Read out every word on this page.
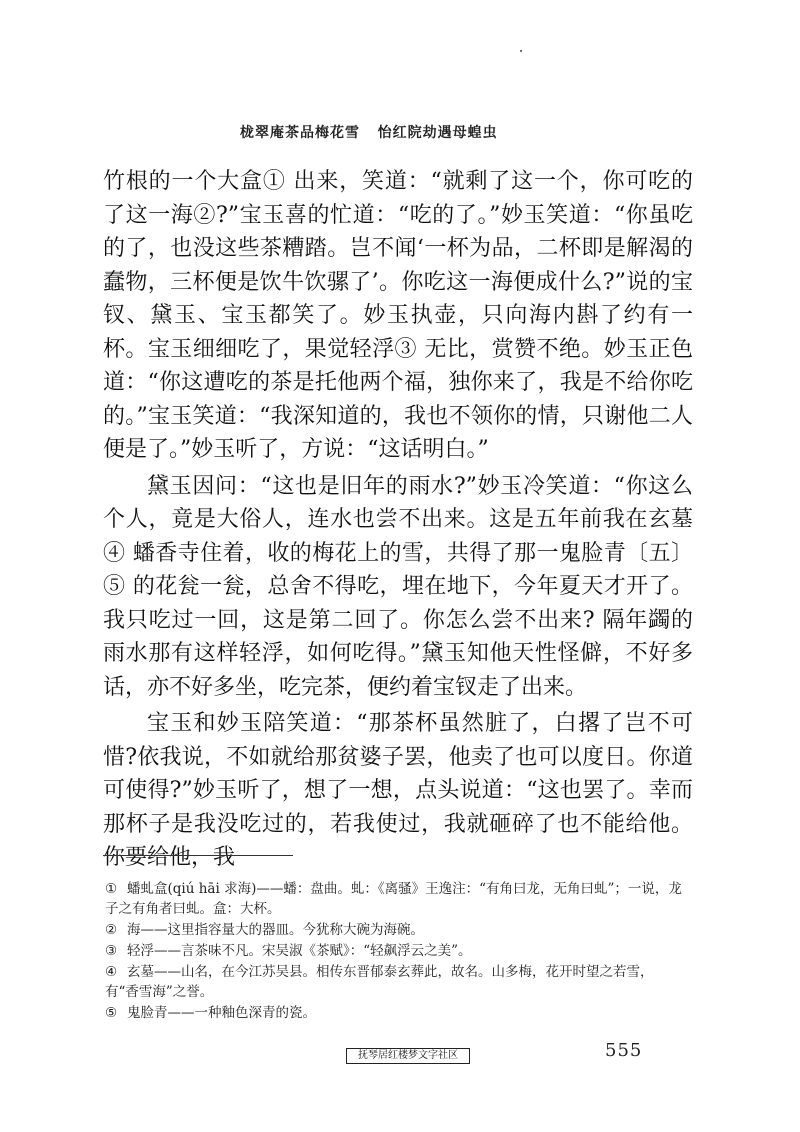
栊翠庵茶品梅花雪   怡红院劫遇母蝗虫

竹根的一个大盒① 出来，笑道：“就剩了这一个，你可吃的了这一海②?”宝玉喜的忙道：“吃的了。”妙玉笑道：“你虽吃的了，也没这些茶糟踏。岂不闻‘一杯为品，二杯即是解渴的蠢物，三杯便是饮牛饮骡了’。你吃这一海便成什么?”说的宝钗、黛玉、宝玉都笑了。妙玉执壶，只向海内斟了约有一杯。宝玉细细吃了，果觉轻浮③ 无比，赏赞不绝。妙玉正色道：“你这遭吃的茶是托他两个福，独你来了，我是不给你吃的。”宝玉笑道：“我深知道的，我也不领你的情，只谢他二人便是了。”妙玉听了，方说：“这话明白。”

黛玉因问：“这也是旧年的雨水?”妙玉冷笑道：“你这么个人，竟是大俗人，连水也尝不出来。这是五年前我在玄墓④ 蟠香寺住着，收的梅花上的雪，共得了那一鬼脸青〔五〕⑤ 的花瓮一瓮，总舍不得吃，埋在地下，今年夏天才开了。我只吃过一回，这是第二回了。你怎么尝不出来? 隔年蠲的雨水那有这样轻浮，如何吃得。”黛玉知他天性怪僻，不好多话，亦不好多坐，吃完茶，便约着宝钗走了出来。

宝玉和妙玉陪笑道：“那茶杯虽然脏了，白撂了岂不可惜?依我说，不如就给那贫婆子罢，他卖了也可以度日。你道可使得?”妙玉听了，想了一想，点头说道：“这也罢了。幸而那杯子是我没吃过的，若我使过，我就砸碎了也不能给他。你要给他，我

① 蟠虬盒(qiú hāi 求海)——蟠：盘曲。虬：《离骚》王逸注：“有角曰龙，无角曰虬”；一说，龙子之有角者曰虬。盒：大杯。
② 海——这里指容量大的器皿。今犹称大碗为海碗。
③ 轻浮——言茶味不凡。宋吴淑《茶赋》：“轻飙浮云之美”。
④ 玄墓——山名，在今江苏吴县。相传东晋郁泰玄葬此，故名。山多梅，花开时望之若雪，有“香雪海”之誉。
⑤ 鬼脸青——一种釉色深青的瓷。
抚琴居红楼梦文字社区	555
